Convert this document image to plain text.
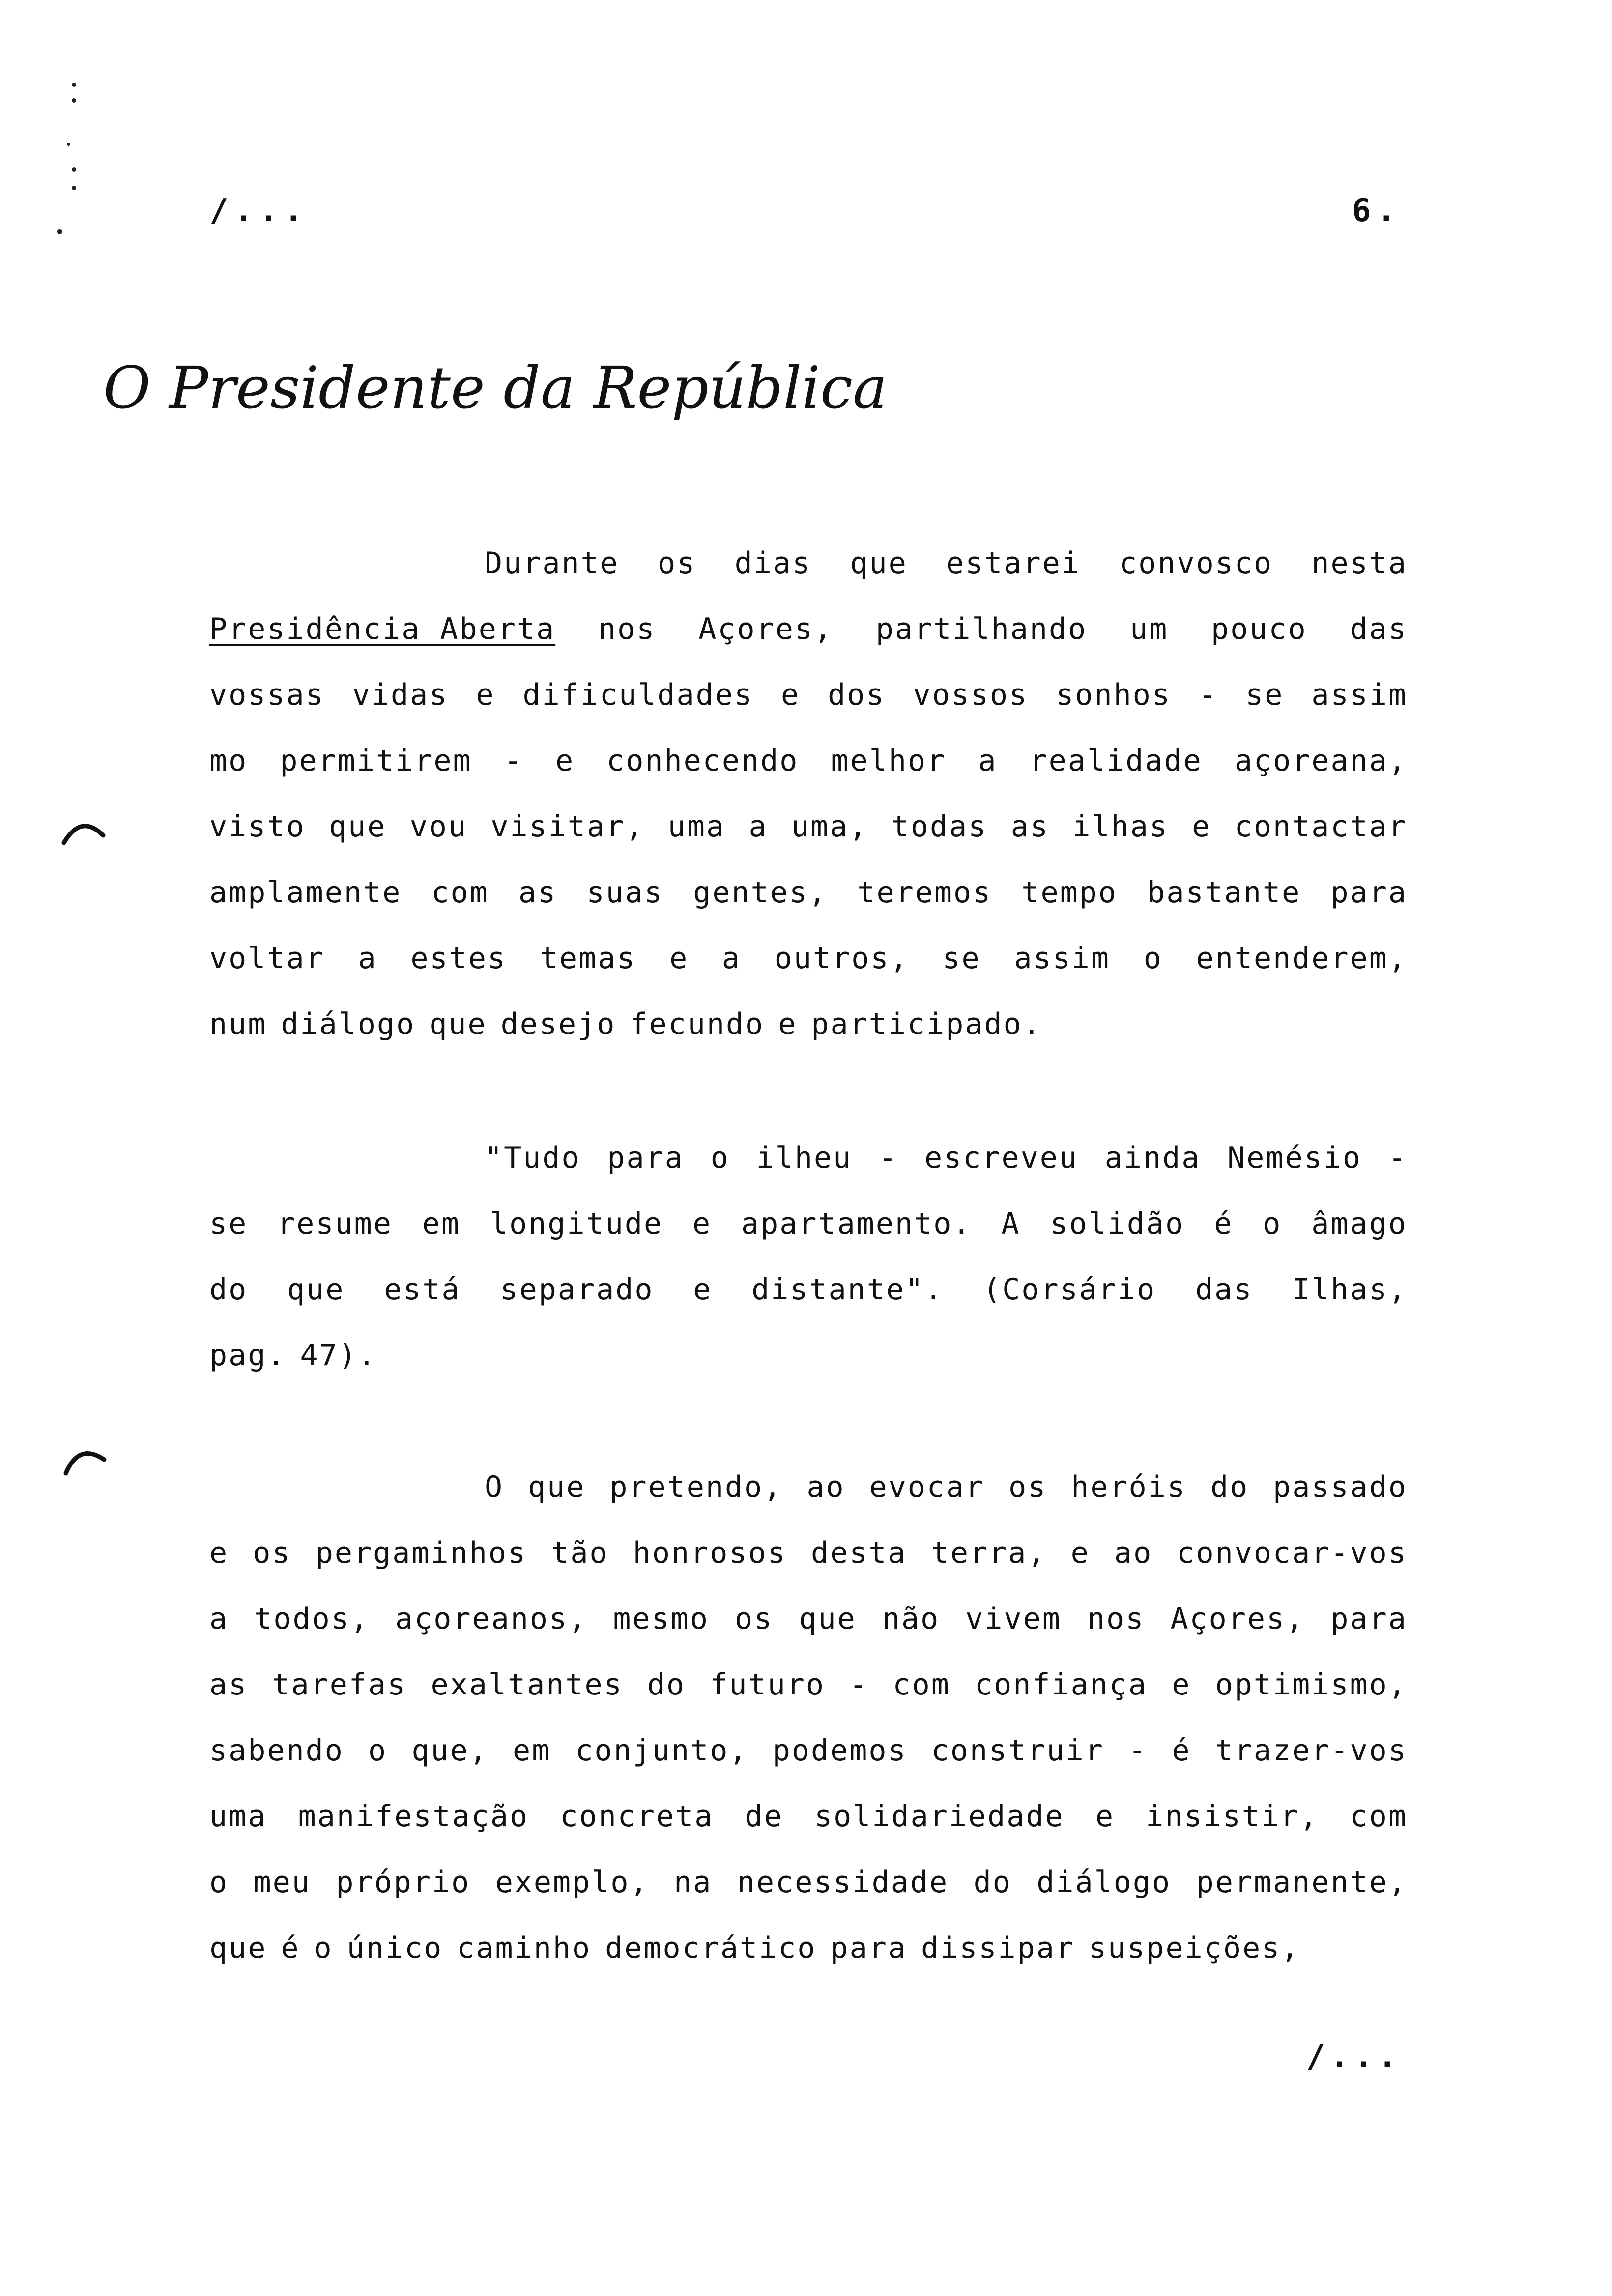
/...	6.
O Presidente da República
Durante os dias que estarei convosco nesta
Presidência Aberta nos Açores, partilhando um pouco das
vossas vidas e dificuldades e dos vossos sonhos - se assim
mo permitirem - e conhecendo melhor a realidade açoreana,
visto que vou visitar, uma a uma, todas as ilhas e contactar
amplamente com as suas gentes, teremos tempo bastante para
voltar a estes temas e a outros, se assim o entenderem,
num diálogo que desejo fecundo e participado.
"Tudo para o ilheu - escreveu ainda Nemésio -
se resume em longitude e apartamento. A solidão é o âmago
do que está separado e distante". (Corsário das Ilhas,
pag. 47).
O que pretendo, ao evocar os heróis do passado
e os pergaminhos tão honrosos desta terra, e ao convocar-vos
a todos, açoreanos, mesmo os que não vivem nos Açores, para
as tarefas exaltantes do futuro - com confiança e optimismo,
sabendo o que, em conjunto, podemos construir - é trazer-vos
uma manifestação concreta de solidariedade e insistir, com
o meu próprio exemplo, na necessidade do diálogo permanente,
que é o único caminho democrático para dissipar suspeições,
/...
